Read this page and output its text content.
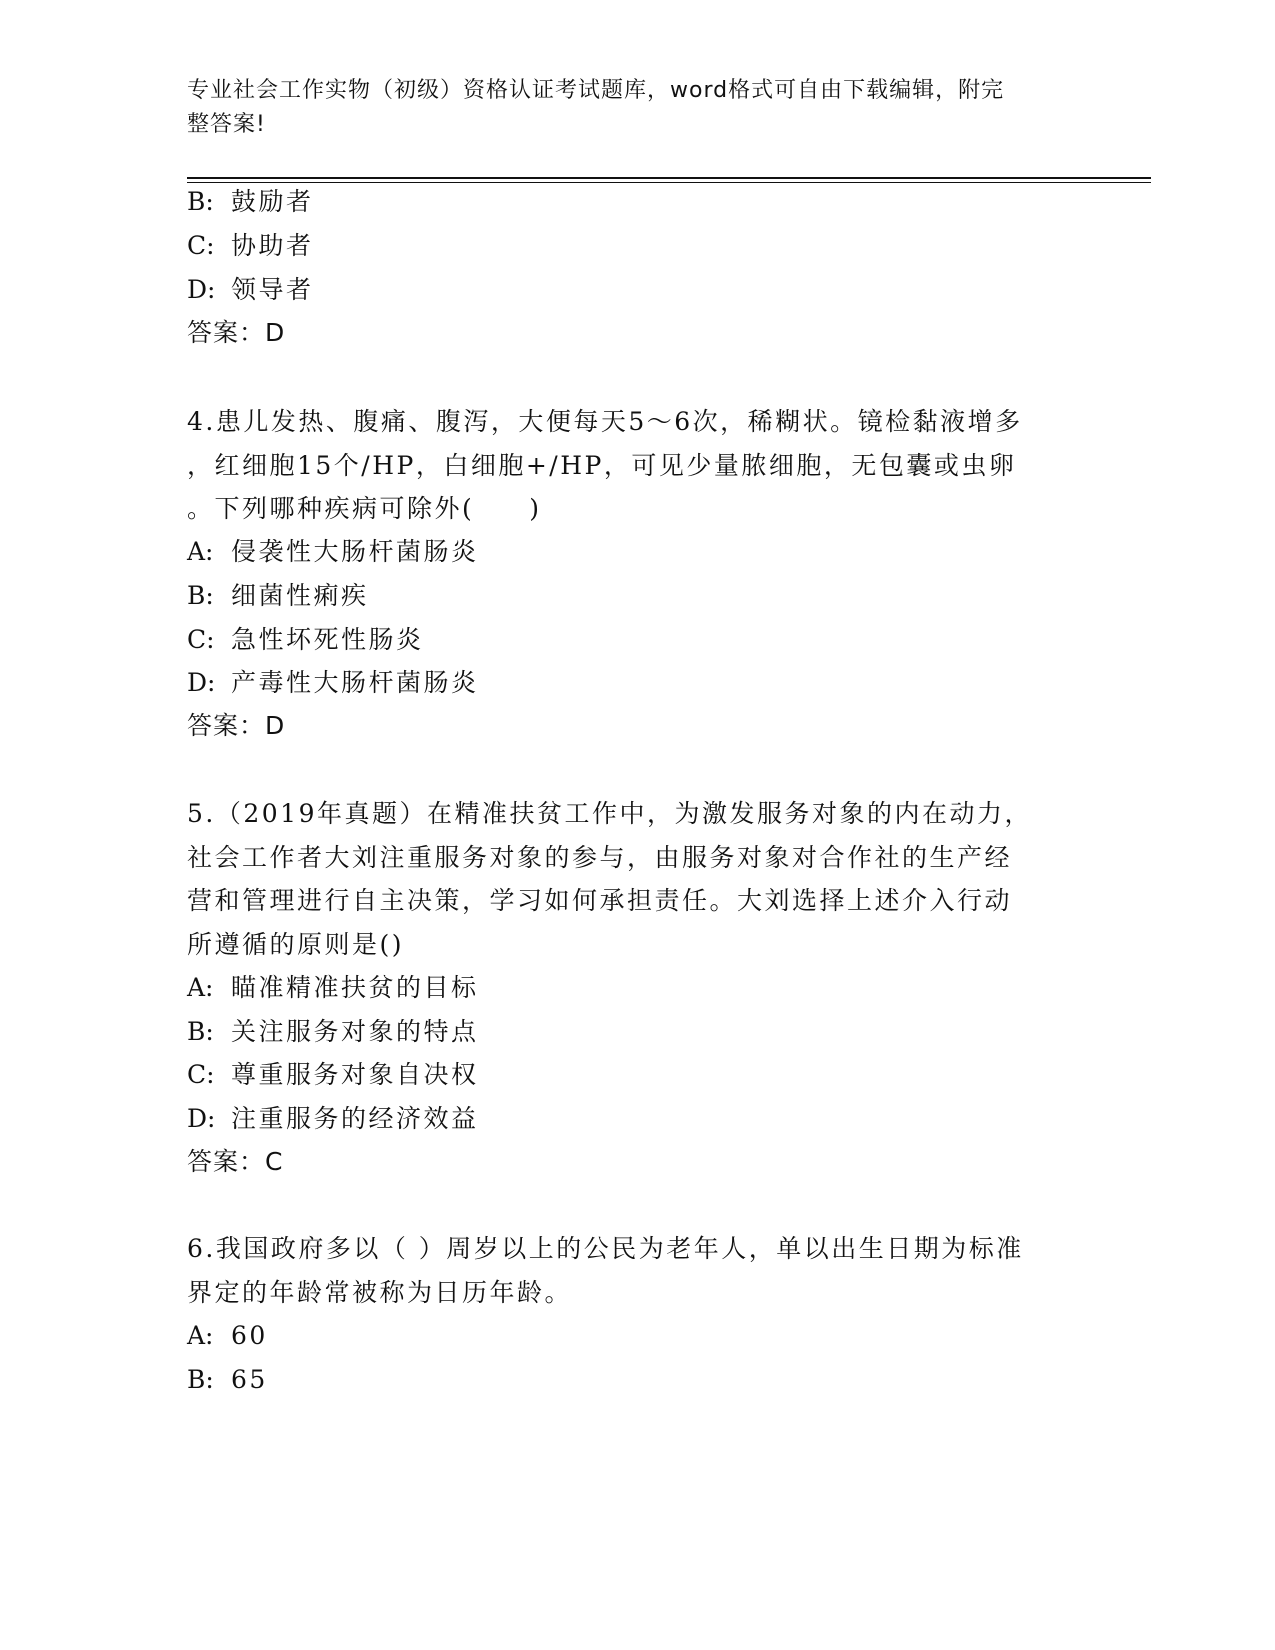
专业社会工作实物（初级）资格认证考试题库，word格式可自由下载编辑，附完
整答案!
B: 鼓励者
C: 协助者
D: 领导者
答案：D
4.患儿发热、腹痛、腹泻，大便每天5～6次，稀糊状。镜检黏液增多
，红细胞15个/HP，白细胞+/HP，可见少量脓细胞，无包囊或虫卵
。下列哪种疾病可除外(　　)
A: 侵袭性大肠杆菌肠炎
B: 细菌性痢疾
C: 急性坏死性肠炎
D: 产毒性大肠杆菌肠炎
答案：D
5.（2019年真题）在精准扶贫工作中，为激发服务对象的内在动力，
社会工作者大刘注重服务对象的参与，由服务对象对合作社的生产经
营和管理进行自主决策，学习如何承担责任。大刘选择上述介入行动
所遵循的原则是()
A: 瞄准精准扶贫的目标
B: 关注服务对象的特点
C: 尊重服务对象自决权
D: 注重服务的经济效益
答案：C
6.我国政府多以（ ）周岁以上的公民为老年人，单以出生日期为标准
界定的年龄常被称为日历年龄。
A: 60
B: 65
